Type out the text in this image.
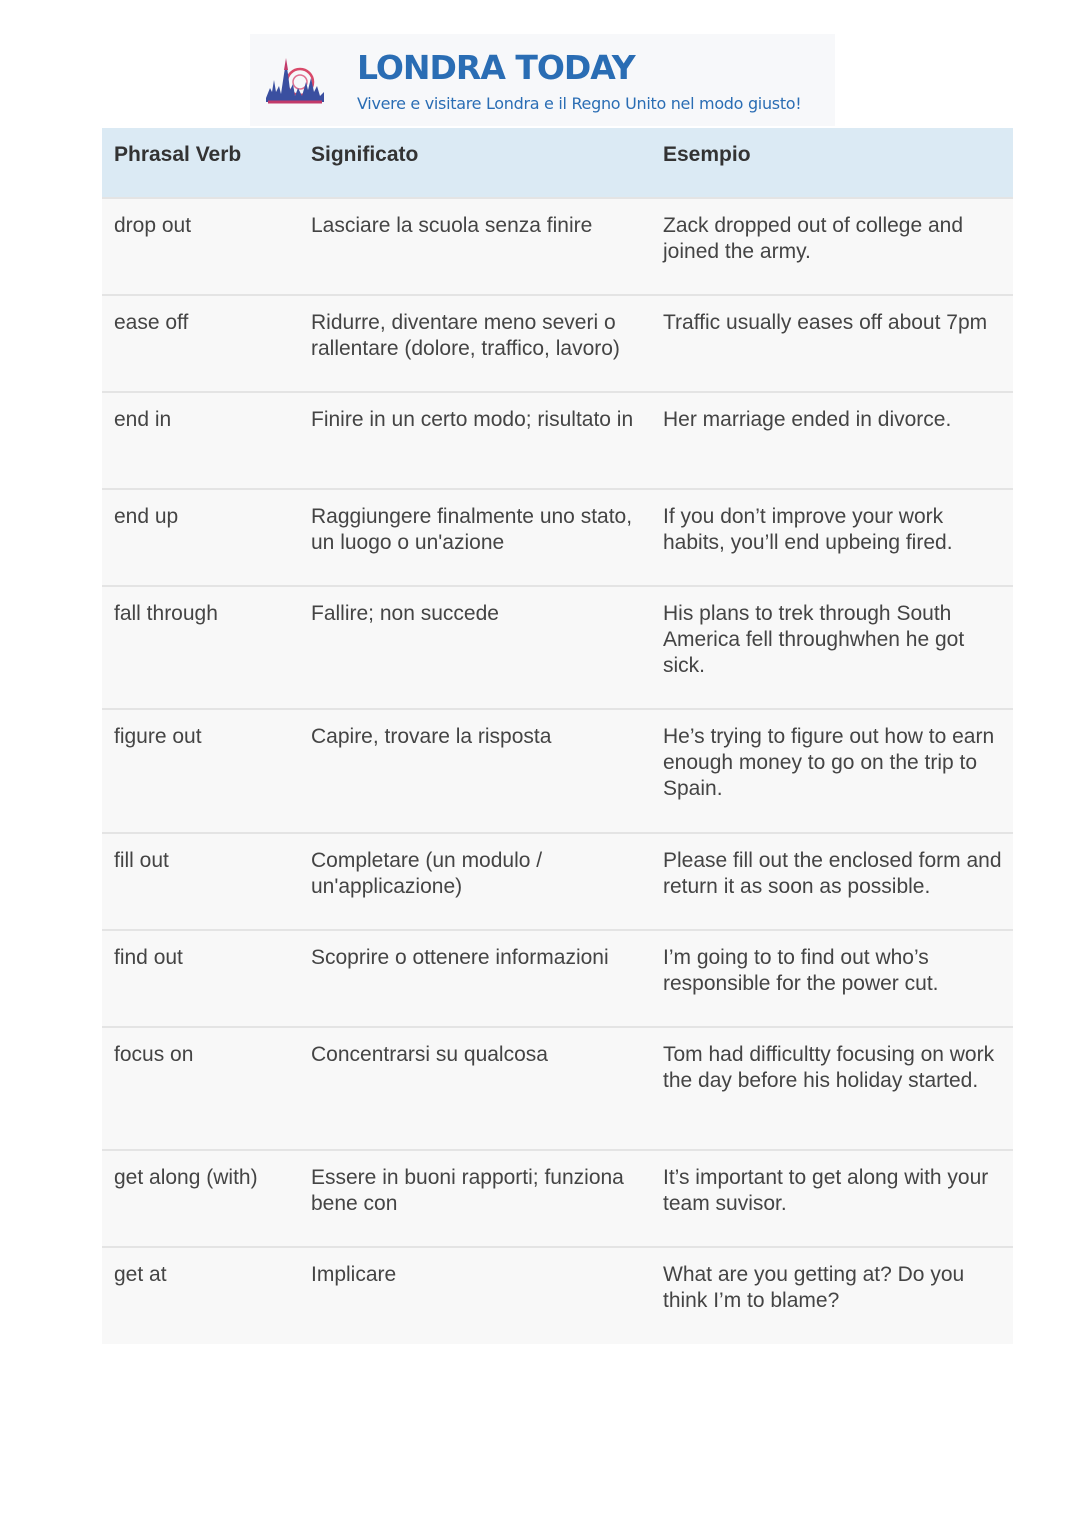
LONDRA TODAY
Vivere e visitare Londra e il Regno Unito nel modo giusto!
Phrasal Verb	Significato	Esempio
drop out	Lasciare la scuola senza finire	Zack dropped out of college and joined the army.
ease off	Ridurre, diventare meno severi o rallentare (dolore, traffico, lavoro)	Traffic usually eases off about 7pm
end in	Finire in un certo modo; risultato in	Her marriage ended in divorce.
end up	Raggiungere finalmente uno stato, un luogo o un'azione	If you don’t improve your work habits, you’ll end upbeing fired.
fall through	Fallire; non succede	His plans to trek through South America fell throughwhen he got sick.
figure out	Capire, trovare la risposta	He’s trying to figure out how to earn enough money to go on the trip to Spain.
fill out	Completare (un modulo / un'applicazione)	Please fill out the enclosed form and return it as soon as possible.
find out	Scoprire o ottenere informazioni	I’m going to to find out who’s responsible for the power cut.
focus on	Concentrarsi su qualcosa	Tom had difficultty focusing on work the day before his holiday started.
get along (with)	Essere in buoni rapporti; funziona bene con	It’s important to get along with your team suvisor.
get at	Implicare	What are you getting at? Do you think I’m to blame?
